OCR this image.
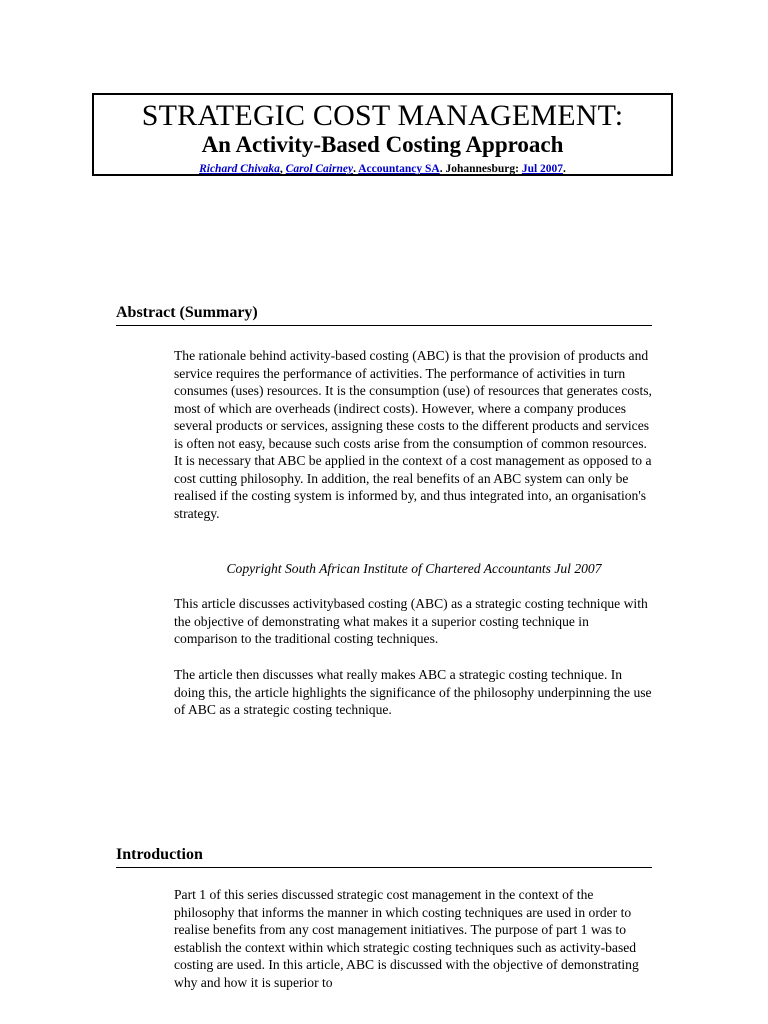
STRATEGIC COST MANAGEMENT:
An Activity-Based Costing Approach
Richard Chivaka, Carol Cairney. Accountancy SA. Johannesburg: Jul 2007.
Abstract (Summary)

The rationale behind activity-based costing (ABC) is that the provision of products and service requires the performance of activities. The performance of activities in turn consumes (uses) resources. It is the consumption (use) of resources that generates costs, most of which are overheads (indirect costs). However, where a company produces several products or services, assigning these costs to the different products and services is often not easy, because such costs arise from the consumption of common resources. It is necessary that ABC be applied in the context of a cost management as opposed to a cost cutting philosophy. In addition, the real benefits of an ABC system can only be realised if the costing system is informed by, and thus integrated into, an organisation's strategy.

Copyright South African Institute of Chartered Accountants Jul 2007

This article discusses activitybased costing (ABC) as a strategic costing technique with the objective of demonstrating what makes it a superior costing technique in comparison to the traditional costing techniques.

The article then discusses what really makes ABC a strategic costing technique. In doing this, the article highlights the significance of the philosophy underpinning the use of ABC as a strategic costing technique.

Introduction

Part 1 of this series discussed strategic cost management in the context of the philosophy that informs the manner in which costing techniques are used in order to realise benefits from any cost management initiatives. The purpose of part 1 was to establish the context within which strategic costing techniques such as activity-based costing are used. In this article, ABC is discussed with the objective of demonstrating why and how it is superior to
